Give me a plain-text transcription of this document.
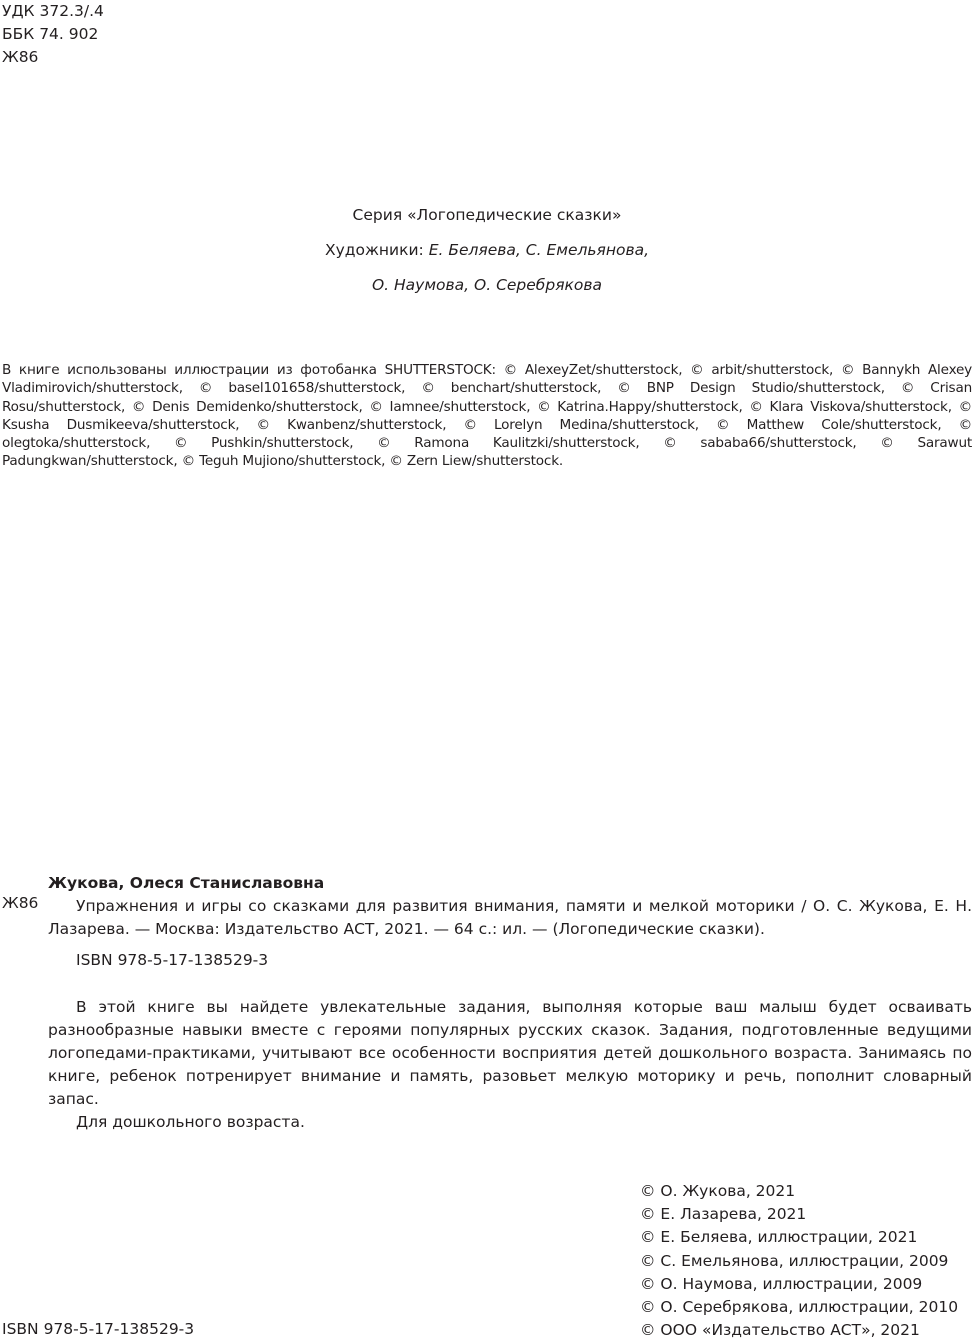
УДК 372.3/.4
ББК 74. 902
Ж86
Серия «Логопедические сказки»
Художники: Е. Беляева, С. Емельянова,
О. Наумова, О. Серебрякова
В книге использованы иллюстрации из фотобанка SHUTTERSTOCK: © AlexeyZet/shutterstock, © arbit/shutterstock, © Bannykh Alexey Vladimirovich/shutterstock, © basel101658/shutterstock, © benchart/shutterstock, © BNP Design Studio/shutterstock, © Crisan Rosu/shutterstock, © Denis Demidenko/shutterstock, © Iamnee/shutterstock, © Katrina.Happy/shutterstock, © Klara Viskova/shutterstock, © Ksusha Dusmikeeva/shutterstock, © Kwanbenz/shutterstock, © Lorelyn Medina/shutterstock, © Matthew Cole/shutterstock, © olegtoka/shutterstock, © Pushkin/shutterstock, © Ramona Kaulitzki/shutterstock, © sababa66/shutterstock, © Sarawut Padungkwan/shutterstock, © Teguh Mujiono/shutterstock, © Zern Liew/shutterstock.
Ж86
Жукова, Олеся Станиславовна

Упражнения и игры со сказками для развития внимания, памяти и мелкой моторики / О. С. Жукова, Е. Н. Лазарева. — Москва: Издательство АСТ, 2021. — 64 с.: ил. — (Логопедические сказки).

ISBN 978-5-17-138529-3

В этой книге вы найдете увлекательные задания, выполняя которые ваш малыш будет осваивать разнообразные навыки вместе с героями популярных русских сказок. Задания, подготовленные ведущими логопедами-практиками, учитывают все особенности восприятия детей дошкольного возраста. Занимаясь по книге, ребенок потренирует внимание и память, разовьет мелкую моторику и речь, пополнит словарный запас.

Для дошкольного возраста.
© О. Жукова, 2021
© Е. Лазарева, 2021
© Е. Беляева, иллюстрации, 2021
© С. Емельянова, иллюстрации, 2009
© О. Наумова, иллюстрации, 2009
© О. Серебрякова, иллюстрации, 2010
© ООО «Издательство АСТ», 2021
ISBN 978-5-17-138529-3
